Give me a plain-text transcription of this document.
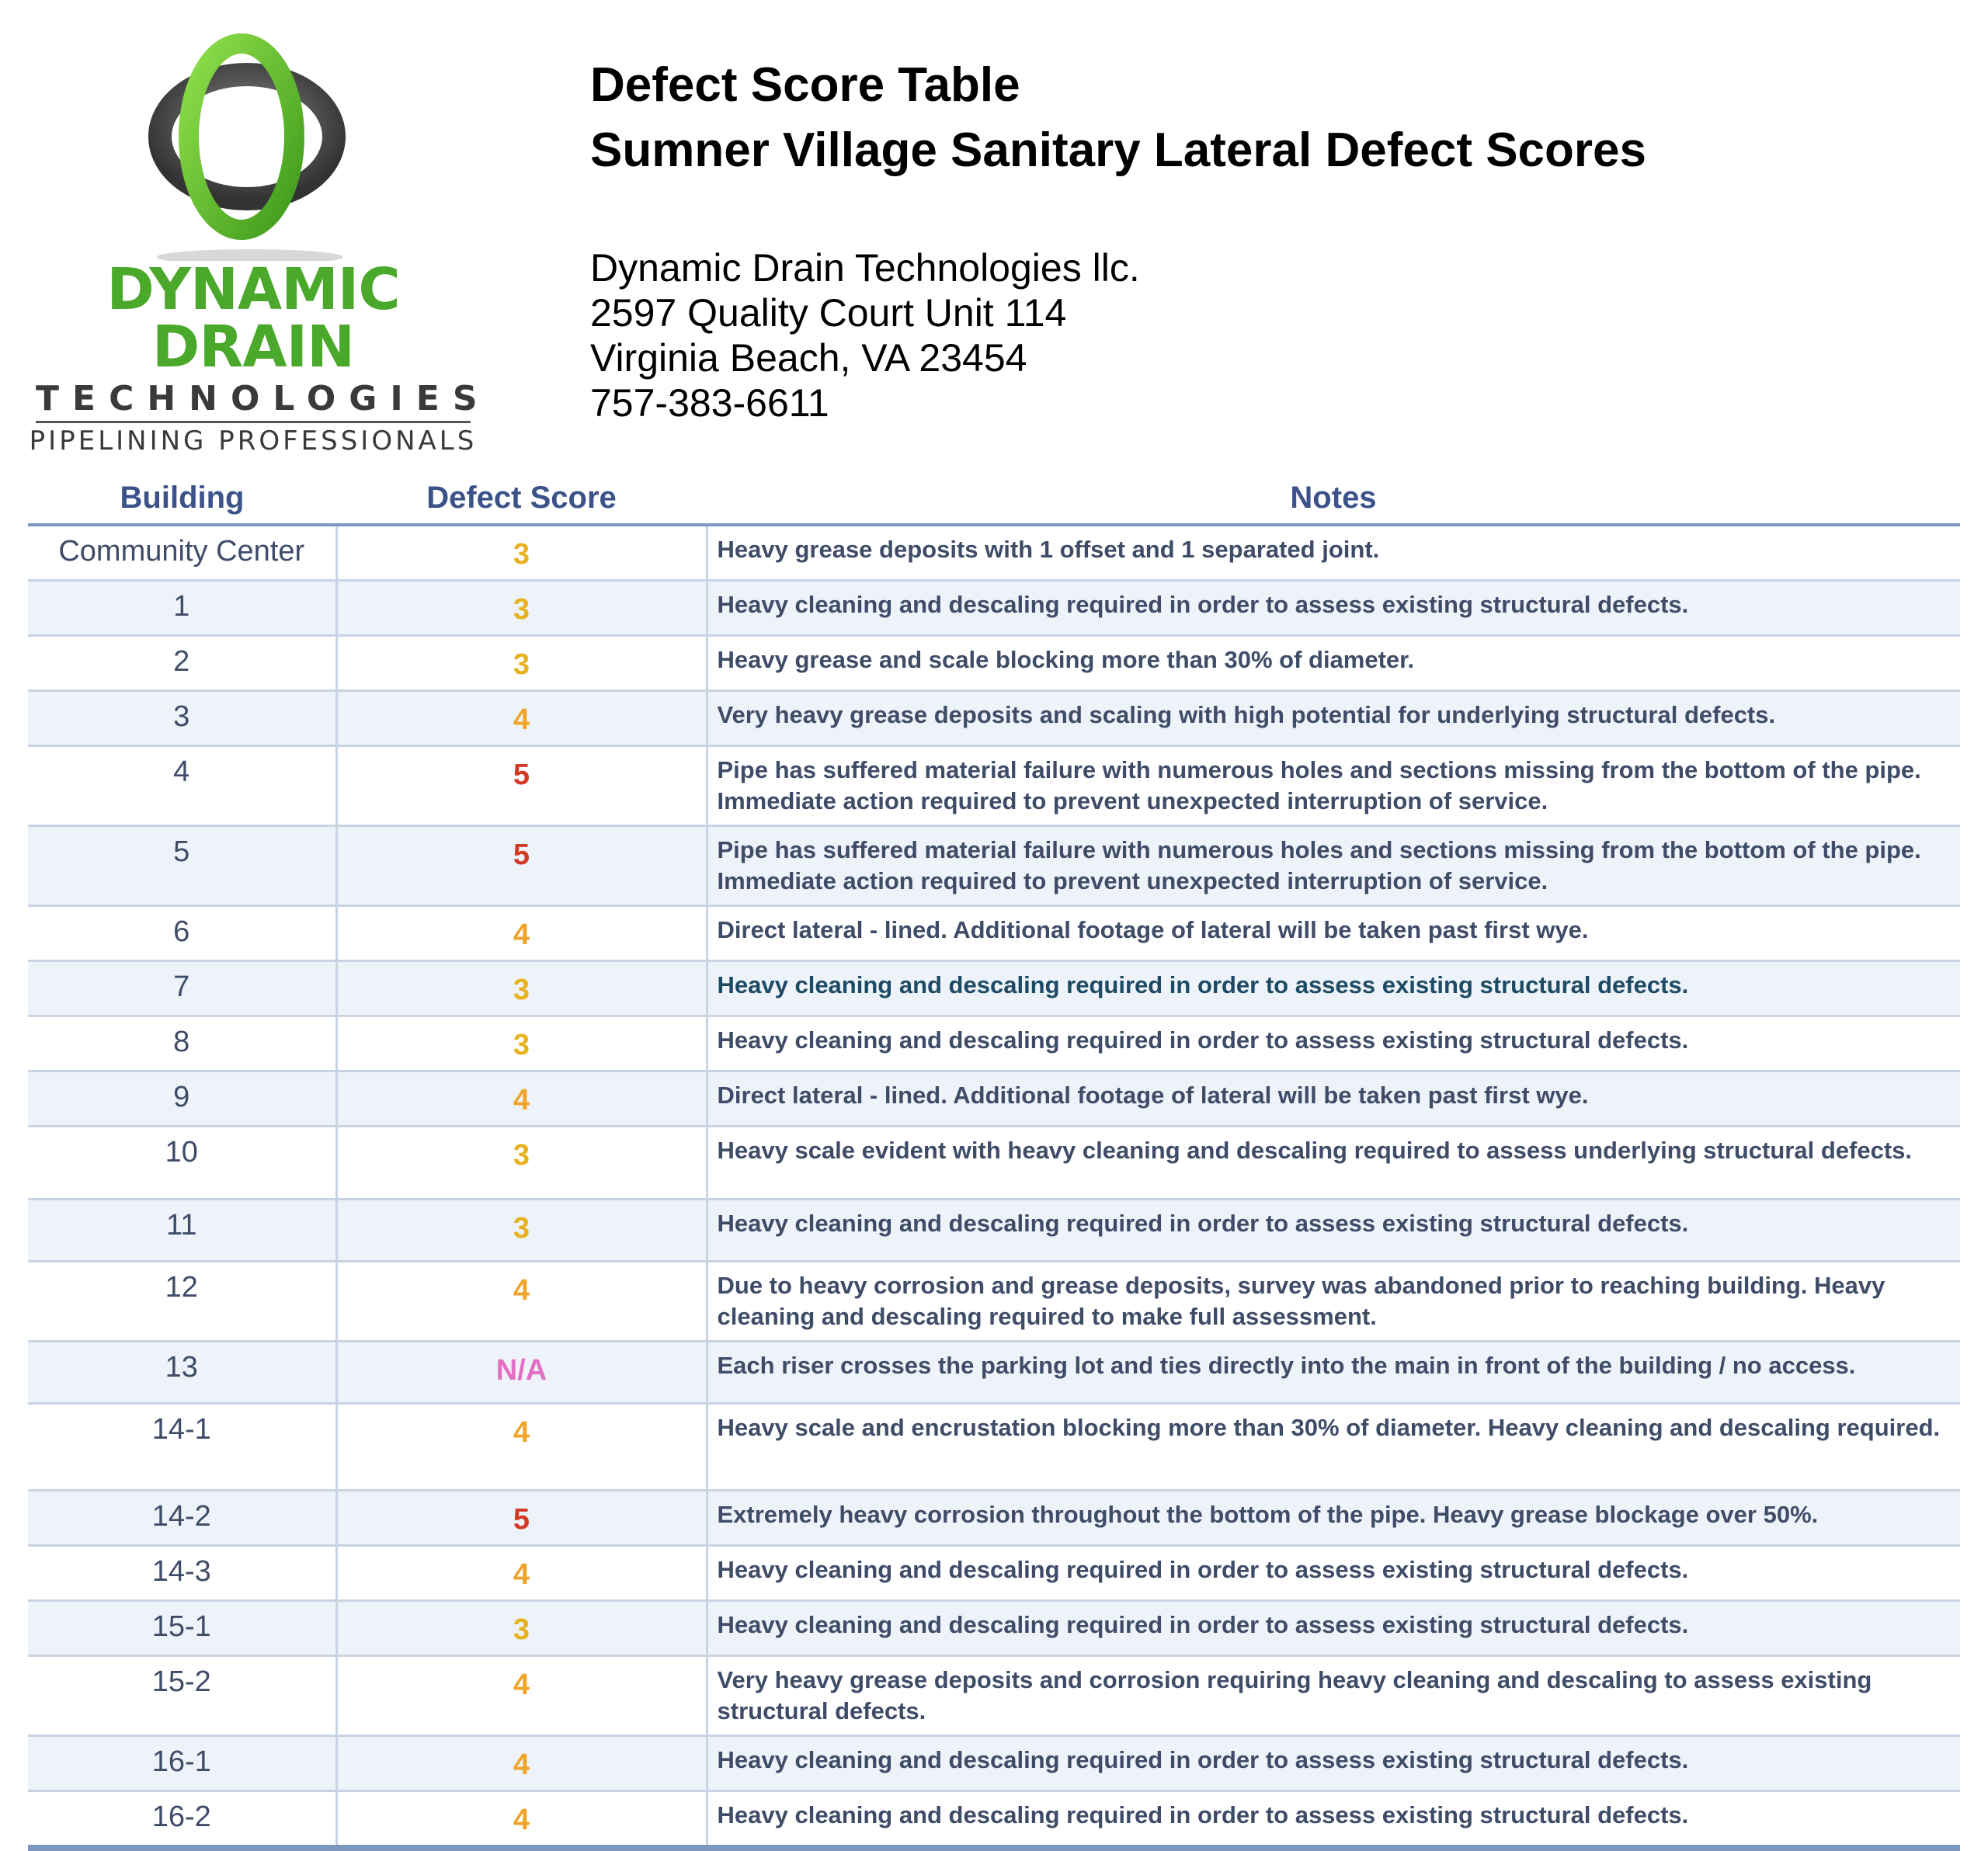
DYNAMIC DRAIN
TECHNOLOGIES
PIPELINING PROFESSIONALS
Defect Score Table
Sumner Village Sanitary Lateral Defect Scores
Dynamic Drain Technologies llc.
2597 Quality Court Unit 114
Virginia Beach, VA 23454
757-383-6611
Building	Defect Score	Notes
Community Center	3	Heavy grease deposits with 1 offset and 1 separated joint.
1	3	Heavy cleaning and descaling required in order to assess existing structural defects.
2	3	Heavy grease and scale blocking more than 30% of diameter.
3	4	Very heavy grease deposits and scaling with high potential for underlying structural defects.
4	5	Pipe has suffered material failure with numerous holes and sections missing from the bottom of the pipe. Immediate action required to prevent unexpected interruption of service.
5	5	Pipe has suffered material failure with numerous holes and sections missing from the bottom of the pipe. Immediate action required to prevent unexpected interruption of service.
6	4	Direct lateral - lined. Additional footage of lateral will be taken past first wye.
7	3	Heavy cleaning and descaling required in order to assess existing structural defects.
8	3	Heavy cleaning and descaling required in order to assess existing structural defects.
9	4	Direct lateral - lined. Additional footage of lateral will be taken past first wye.
10	3	Heavy scale evident with heavy cleaning and descaling required to assess underlying structural defects.
11	3	Heavy cleaning and descaling required in order to assess existing structural defects.
12	4	Due to heavy corrosion and grease deposits, survey was abandoned prior to reaching building. Heavy cleaning and descaling required to make full assessment.
13	N/A	Each riser crosses the parking lot and ties directly into the main in front of the building / no access.
14-1	4	Heavy scale and encrustation blocking more than 30% of diameter. Heavy cleaning and descaling required.
14-2	5	Extremely heavy corrosion throughout the bottom of the pipe. Heavy grease blockage over 50%.
14-3	4	Heavy cleaning and descaling required in order to assess existing structural defects.
15-1	3	Heavy cleaning and descaling required in order to assess existing structural defects.
15-2	4	Very heavy grease deposits and corrosion requiring heavy cleaning and descaling to assess existing structural defects.
16-1	4	Heavy cleaning and descaling required in order to assess existing structural defects.
16-2	4	Heavy cleaning and descaling required in order to assess existing structural defects.
